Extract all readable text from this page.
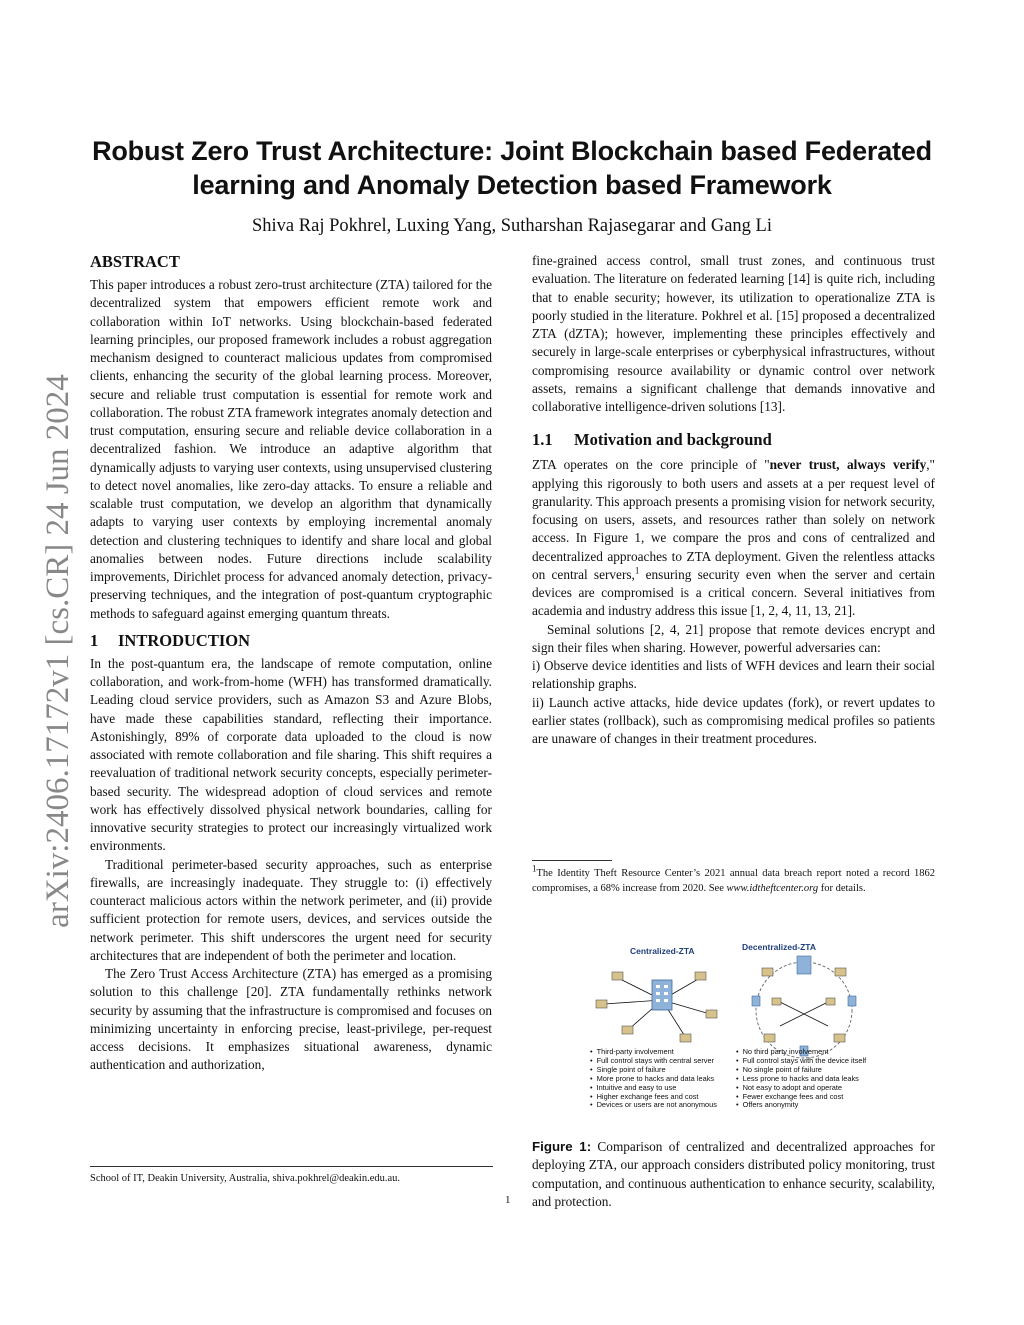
Robust Zero Trust Architecture: Joint Blockchain based Federated
learning and Anomaly Detection based Framework
Shiva Raj Pokhrel, Luxing Yang, Sutharshan Rajasegarar and Gang Li
arXiv:2406.17172v1 [cs.CR] 24 Jun 2024
ABSTRACT

This paper introduces a robust zero-trust architecture (ZTA) tailored for the decentralized system that empowers efficient remote work and collaboration within IoT networks. Using blockchain-based federated learning principles, our proposed framework includes a robust aggregation mechanism designed to counteract malicious updates from compromised clients, enhancing the security of the global learning process. Moreover, secure and reliable trust computation is essential for remote work and collaboration. The robust ZTA framework integrates anomaly detection and trust computation, ensuring secure and reliable device collaboration in a decentralized fashion. We introduce an adaptive algorithm that dynamically adjusts to varying user contexts, using unsupervised clustering to detect novel anomalies, like zero-day attacks. To ensure a reliable and scalable trust computation, we develop an algorithm that dynamically adapts to varying user contexts by employing incremental anomaly detection and clustering techniques to identify and share local and global anomalies between nodes. Future directions include scalability improvements, Dirichlet process for advanced anomaly detection, privacy-preserving techniques, and the integration of post-quantum cryptographic methods to safeguard against emerging quantum threats.

1 INTRODUCTION

In the post-quantum era, the landscape of remote computation, online collaboration, and work-from-home (WFH) has transformed dramatically. Leading cloud service providers, such as Amazon S3 and Azure Blobs, have made these capabilities standard, reflecting their importance. Astonishingly, 89% of corporate data uploaded to the cloud is now associated with remote collaboration and file sharing. This shift requires a reevaluation of traditional network security concepts, especially perimeter-based security. The widespread adoption of cloud services and remote work has effectively dissolved physical network boundaries, calling for innovative security strategies to protect our increasingly virtualized work environments.

Traditional perimeter-based security approaches, such as enterprise firewalls, are increasingly inadequate. They struggle to: (i) effectively counteract malicious actors within the network perimeter, and (ii) provide sufficient protection for remote users, devices, and services outside the network perimeter. This shift underscores the urgent need for security architectures that are independent of both the perimeter and location.

The Zero Trust Access Architecture (ZTA) has emerged as a promising solution to this challenge [20]. ZTA fundamentally rethinks network security by assuming that the infrastructure is compromised and focuses on minimizing uncertainty in enforcing precise, least-privilege, per-request access decisions. It emphasizes situational awareness, dynamic authentication and authorization,

School of IT, Deakin University, Australia, shiva.pokhrel@deakin.edu.au.

fine-grained access control, small trust zones, and continuous trust evaluation. The literature on federated learning [14] is quite rich, including that to enable security; however, its utilization to operationalize ZTA is poorly studied in the literature. Pokhrel et al. [15] proposed a decentralized ZTA (dZTA); however, implementing these principles effectively and securely in large-scale enterprises or cyberphysical infrastructures, without compromising resource availability or dynamic control over network assets, remains a significant challenge that demands innovative and collaborative intelligence-driven solutions [13].

1.1 Motivation and background

ZTA operates on the core principle of "never trust, always verify," applying this rigorously to both users and assets at a per request level of granularity. This approach presents a promising vision for network security, focusing on users, assets, and resources rather than solely on network access. In Figure 1, we compare the pros and cons of centralized and decentralized approaches to ZTA deployment. Given the relentless attacks on central servers,$^1$ ensuring security even when the server and certain devices are compromised is a critical concern. Several initiatives from academia and industry address this issue [1, 2, 4, 11, 13, 21].

Seminal solutions [2, 4, 21] propose that remote devices encrypt and sign their files when sharing. However, powerful adversaries can:

i) Observe device identities and lists of WFH devices and learn their social relationship graphs.

ii) Launch active attacks, hide device updates (fork), or revert updates to earlier states (rollback), such as compromising medical profiles so patients are unaware of changes in their treatment procedures.

$^1$The Identity Theft Resource Center’s 2021 annual data breach report noted a record 1862 compromises, a 68% increase from 2020. See www.idtheftcenter.org for details.
Centralized-ZTA	Decentralized-ZTA
• Third-party involvement
• Full control stays with central server
• Single point of failure
• More prone to hacks and data leaks
• Intuitive and easy to use
• Higher exchange fees and cost
• Devices or users are not anonymous
• No third party involvement
• Full control stays with the device itself
• No single point of failure
• Less prone to hacks and data leaks
• Not easy to adopt and operate
• Fewer exchange fees and cost
• Offers anonymity
Figure 1: Comparison of centralized and decentralized approaches for deploying ZTA, our approach considers distributed policy monitoring, trust computation, and continuous authentication to enhance security, scalability, and protection.
1
